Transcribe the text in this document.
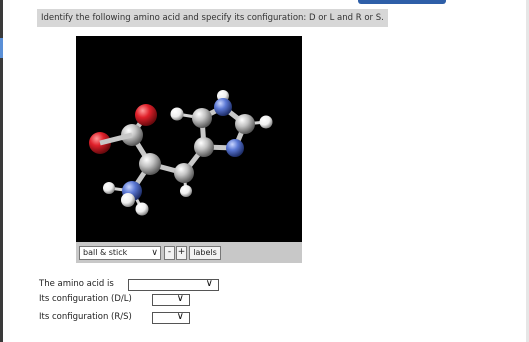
Identify the following amino acid and specify its configuration: D or L and R or S.
ball & stick	∨	- + labels
The amino acid is	∨
Its configuration (D/L)	∨
Its configuration (R/S)	∨
